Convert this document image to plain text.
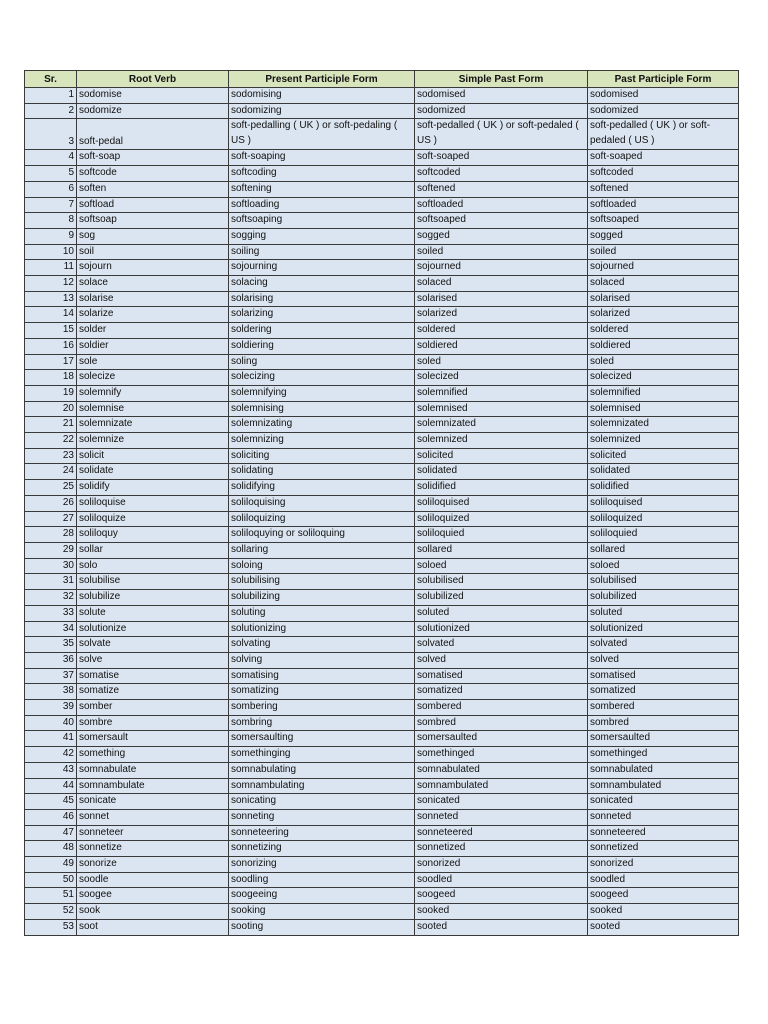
Sr.	Root Verb	Present Participle Form	Simple Past Form	Past Participle Form
1	sodomise	sodomising	sodomised	sodomised
2	sodomize	sodomizing	sodomized	sodomized
3	soft-pedal	soft-pedalling ( UK ) or soft-pedaling ( US )	soft-pedalled ( UK ) or soft-pedaled ( US )	soft-pedalled ( UK ) or soft-pedaled ( US )
4	soft-soap	soft-soaping	soft-soaped	soft-soaped
5	softcode	softcoding	softcoded	softcoded
6	soften	softening	softened	softened
7	softload	softloading	softloaded	softloaded
8	softsoap	softsoaping	softsoaped	softsoaped
9	sog	sogging	sogged	sogged
10	soil	soiling	soiled	soiled
11	sojourn	sojourning	sojourned	sojourned
12	solace	solacing	solaced	solaced
13	solarise	solarising	solarised	solarised
14	solarize	solarizing	solarized	solarized
15	solder	soldering	soldered	soldered
16	soldier	soldiering	soldiered	soldiered
17	sole	soling	soled	soled
18	solecize	solecizing	solecized	solecized
19	solemnify	solemnifying	solemnified	solemnified
20	solemnise	solemnising	solemnised	solemnised
21	solemnizate	solemnizating	solemnizated	solemnizated
22	solemnize	solemnizing	solemnized	solemnized
23	solicit	soliciting	solicited	solicited
24	solidate	solidating	solidated	solidated
25	solidify	solidifying	solidified	solidified
26	soliloquise	soliloquising	soliloquised	soliloquised
27	soliloquize	soliloquizing	soliloquized	soliloquized
28	soliloquy	soliloquying or soliloquing	soliloquied	soliloquied
29	sollar	sollaring	sollared	sollared
30	solo	soloing	soloed	soloed
31	solubilise	solubilising	solubilised	solubilised
32	solubilize	solubilizing	solubilized	solubilized
33	solute	soluting	soluted	soluted
34	solutionize	solutionizing	solutionized	solutionized
35	solvate	solvating	solvated	solvated
36	solve	solving	solved	solved
37	somatise	somatising	somatised	somatised
38	somatize	somatizing	somatized	somatized
39	somber	sombering	sombered	sombered
40	sombre	sombring	sombred	sombred
41	somersault	somersaulting	somersaulted	somersaulted
42	something	somethinging	somethinged	somethinged
43	somnabulate	somnabulating	somnabulated	somnabulated
44	somnambulate	somnambulating	somnambulated	somnambulated
45	sonicate	sonicating	sonicated	sonicated
46	sonnet	sonneting	sonneted	sonneted
47	sonneteer	sonneteering	sonneteered	sonneteered
48	sonnetize	sonnetizing	sonnetized	sonnetized
49	sonorize	sonorizing	sonorized	sonorized
50	soodle	soodling	soodled	soodled
51	soogee	soogeeing	soogeed	soogeed
52	sook	sooking	sooked	sooked
53	soot	sooting	sooted	sooted
